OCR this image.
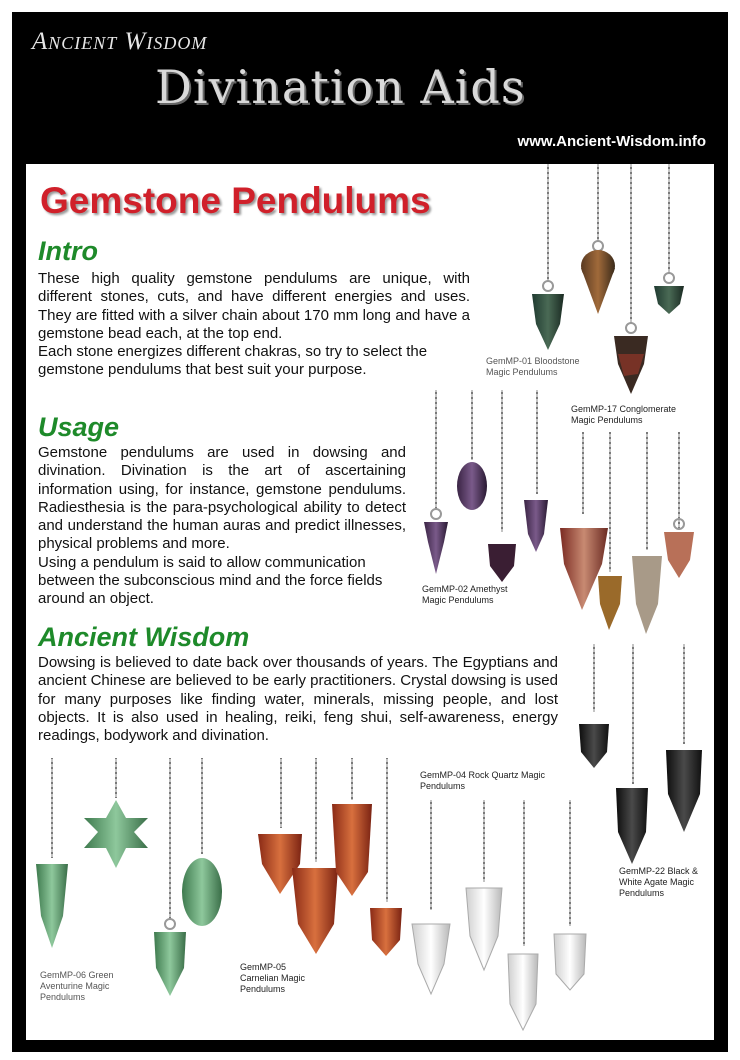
Ancient Wisdom
Divination Aids
www.Ancient-Wisdom.info
Gemstone Pendulums
Intro

These high quality gemstone pendulums are unique, with different stones, cuts, and have different energies and uses. They are fitted with a silver chain about 170 mm long and have a gemstone bead each, at the top end.

Each stone energizes different chakras, so try to select the gemstone pendulums that best suit your purpose.

Usage

Gemstone pendulums are used in dowsing and divination. Divination is the art of ascertaining information using, for instance, gemstone pendulums. Radiesthesia is the para-psychological ability to detect and understand the human auras and predict illnesses, physical problems and more.

Using a pendulum is said to allow communication between the subconscious mind and the force fields around an object.

Ancient Wisdom

Dowsing is believed to date back over thousands of years. The Egyptians and ancient Chinese are believed to be early practitioners. Crystal dowsing is used for many purposes like finding water, minerals, missing people, and lost objects. It is also used in healing, reiki, feng shui, self-awareness, energy readings, bodywork and divination.

GemMP-01 Bloodstone Magic Pendulums
GemMP-17 Conglomerate Magic Pendulums
GemMP-02 Amethyst Magic Pendulums
GemMP-04 Rock Quartz Magic Pendulums
GemMP-22 Black & White Agate Magic Pendulums
GemMP-06 Green Aventurine Magic Pendulums
GemMP-05 Carnelian Magic Pendulums
